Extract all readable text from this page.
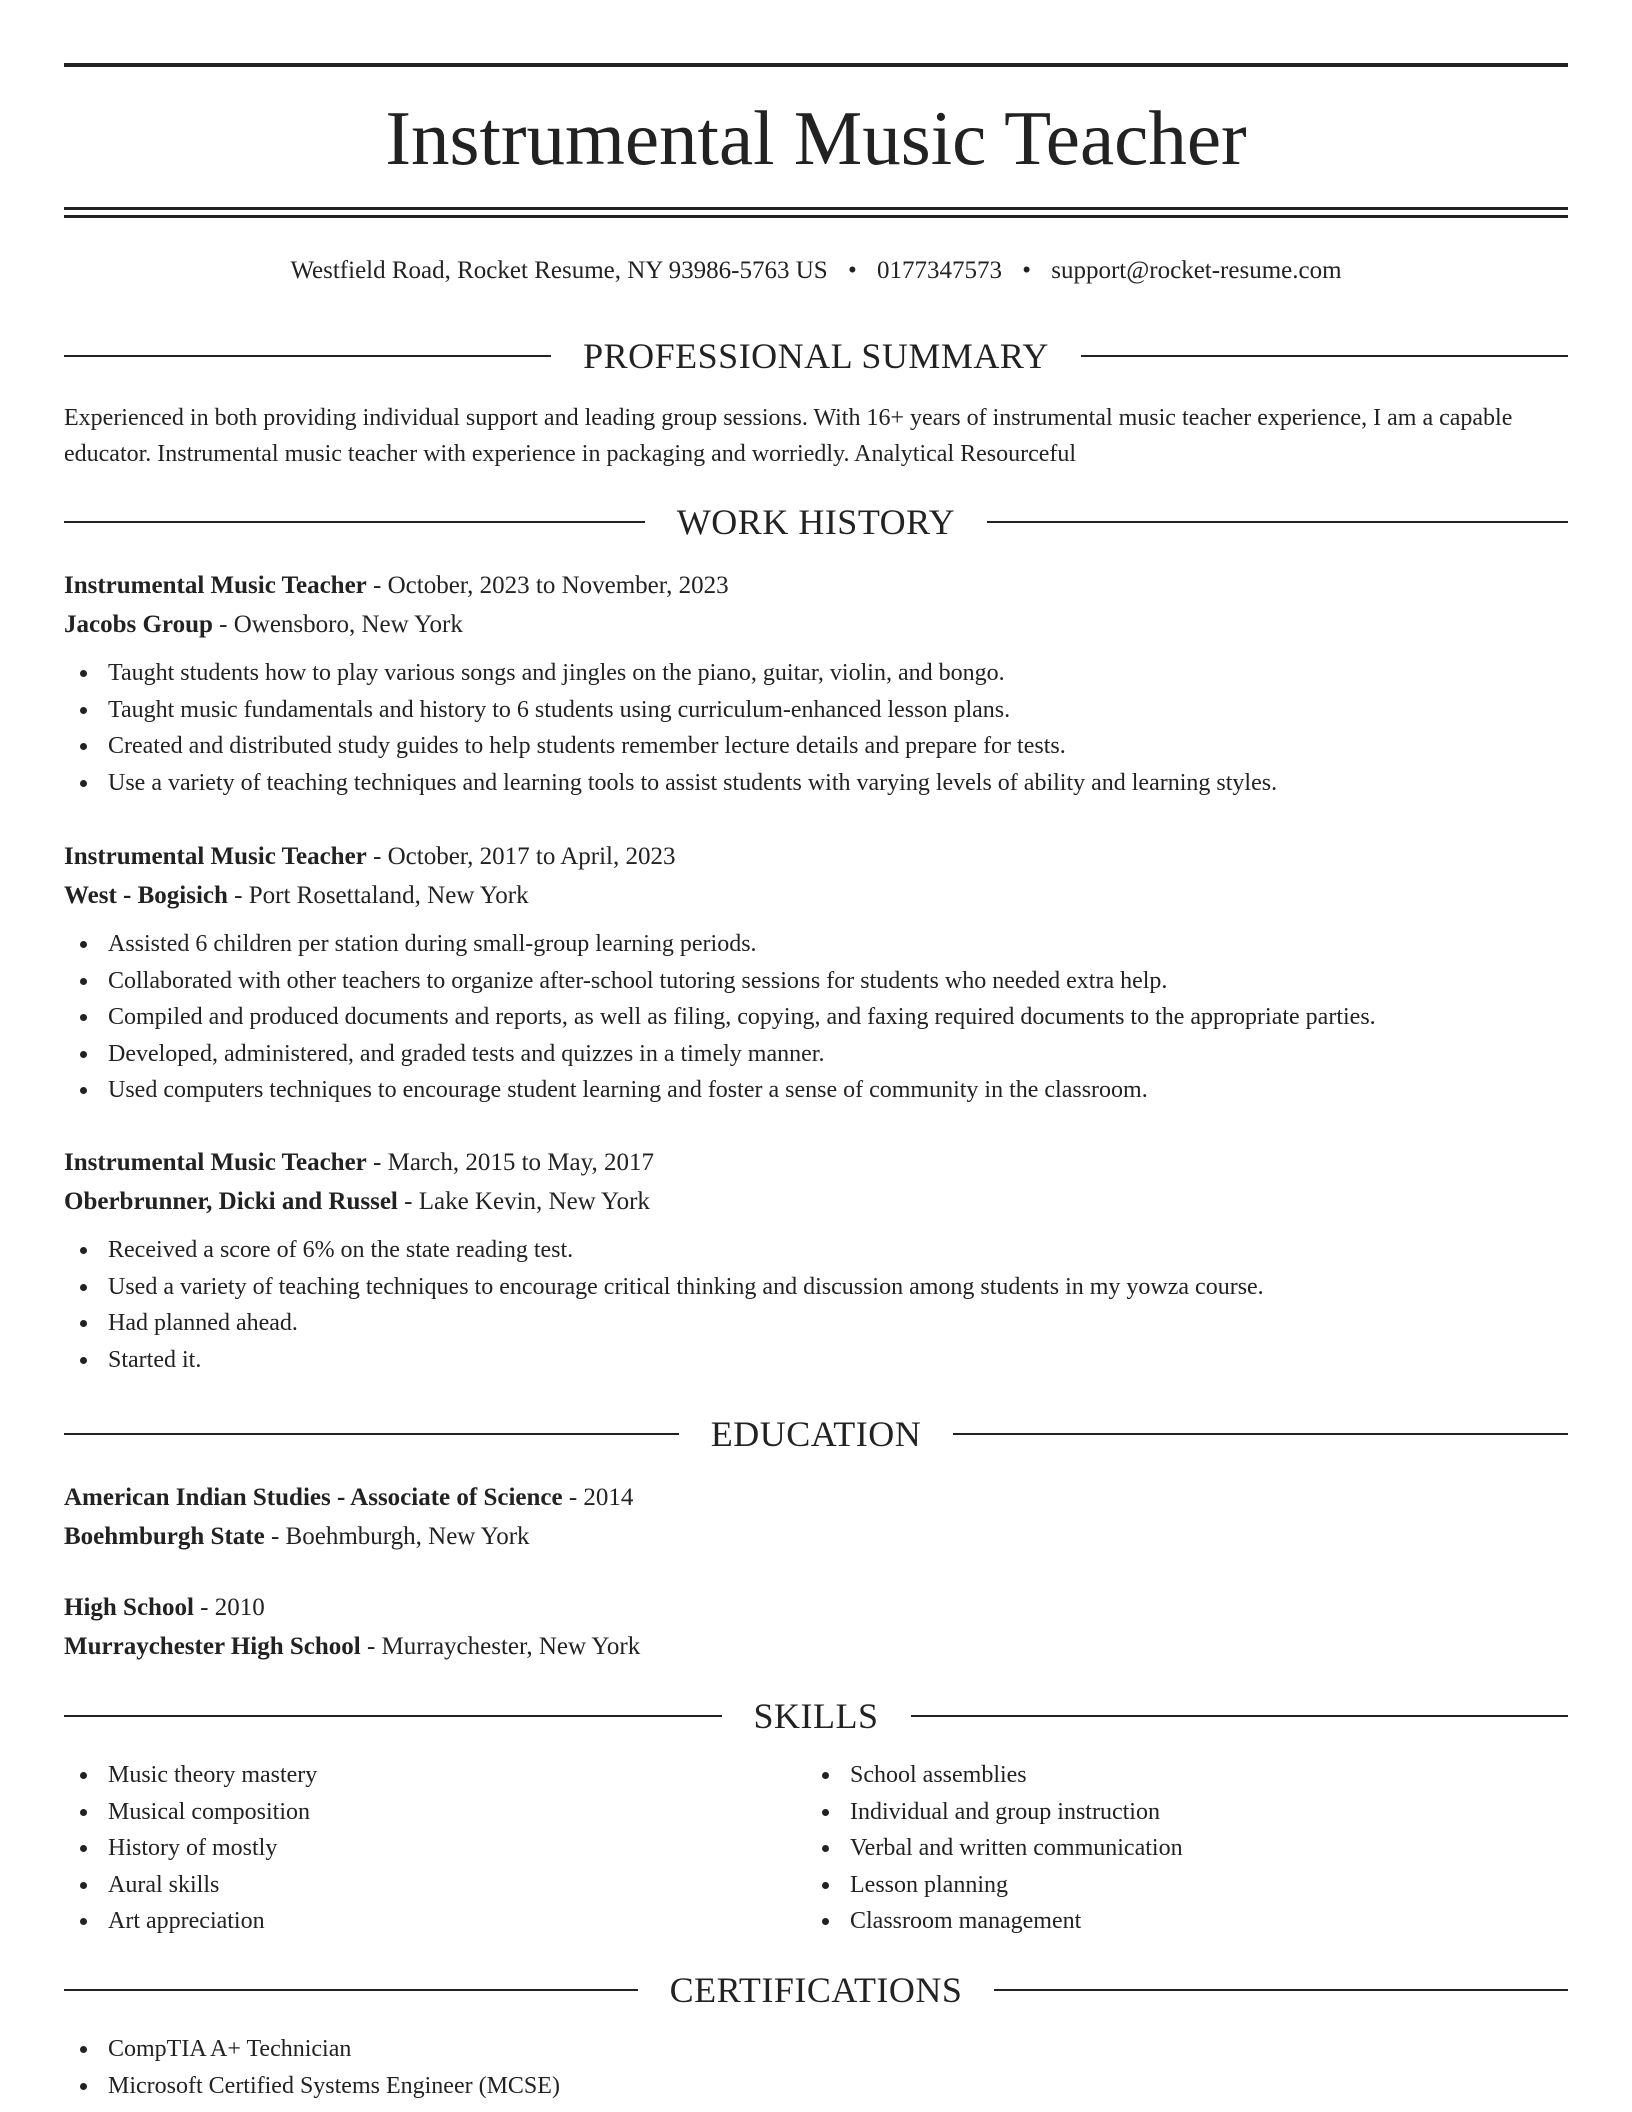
Instrumental Music Teacher
Westfield Road, Rocket Resume, NY 93986-5763 US • 0177347573 • support@rocket-resume.com
PROFESSIONAL SUMMARY
Experienced in both providing individual support and leading group sessions. With 16+ years of instrumental music teacher experience, I am a capable educator. Instrumental music teacher with experience in packaging and worriedly. Analytical Resourceful
WORK HISTORY
Instrumental Music Teacher - October, 2023 to November, 2023
Jacobs Group - Owensboro, New York
Taught students how to play various songs and jingles on the piano, guitar, violin, and bongo.
Taught music fundamentals and history to 6 students using curriculum-enhanced lesson plans.
Created and distributed study guides to help students remember lecture details and prepare for tests.
Use a variety of teaching techniques and learning tools to assist students with varying levels of ability and learning styles.
Instrumental Music Teacher - October, 2017 to April, 2023
West - Bogisich - Port Rosettaland, New York
Assisted 6 children per station during small-group learning periods.
Collaborated with other teachers to organize after-school tutoring sessions for students who needed extra help.
Compiled and produced documents and reports, as well as filing, copying, and faxing required documents to the appropriate parties.
Developed, administered, and graded tests and quizzes in a timely manner.
Used computers techniques to encourage student learning and foster a sense of community in the classroom.
Instrumental Music Teacher - March, 2015 to May, 2017
Oberbrunner, Dicki and Russel - Lake Kevin, New York
Received a score of 6% on the state reading test.
Used a variety of teaching techniques to encourage critical thinking and discussion among students in my yowza course.
Had planned ahead.
Started it.
EDUCATION
American Indian Studies - Associate of Science - 2014
Boehmburgh State - Boehmburgh, New York
High School - 2010
Murraychester High School - Murraychester, New York
SKILLS
Music theory mastery
Musical composition
History of mostly
Aural skills
Art appreciation
School assemblies
Individual and group instruction
Verbal and written communication
Lesson planning
Classroom management
CERTIFICATIONS
CompTIA A+ Technician
Microsoft Certified Systems Engineer (MCSE)
